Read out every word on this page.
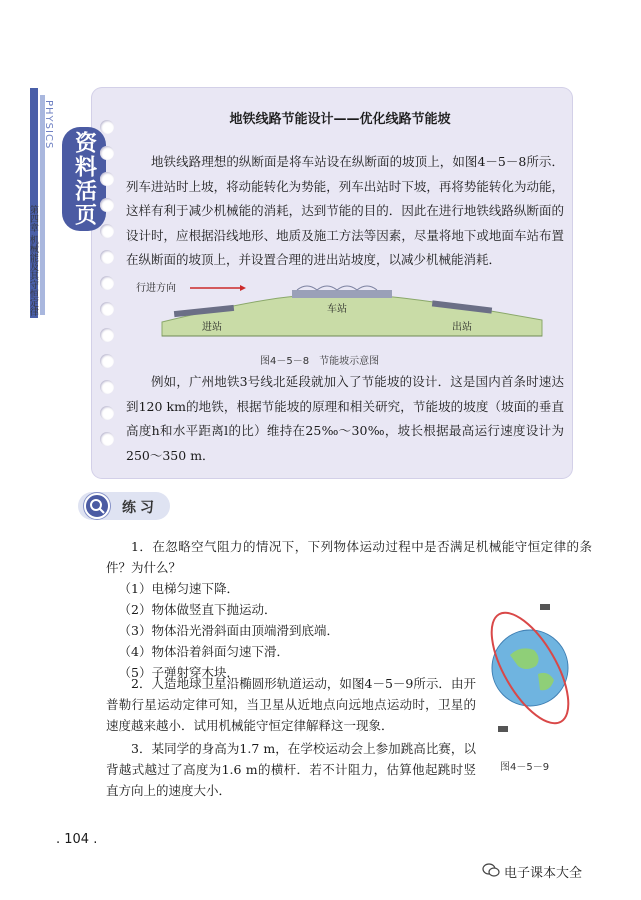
PHYSICS
第四章 机械能及其守恒定律
资料活页
地铁线路节能设计——优化线路节能坡

地铁线路理想的纵断面是将车站设在纵断面的坡顶上，如图4－5－8所示．列车进站时上坡，将动能转化为势能，列车出站时下坡，再将势能转化为动能，这样有利于减少机械能的消耗，达到节能的目的．因此在进行地铁线路纵断面的设计时，应根据沿线地形、地质及施工方法等因素，尽量将地下或地面车站布置在纵断面的坡顶上，并设置合理的进出站坡度，以减少机械能消耗．

行进方向
进站
车站
出站
图4－5－8　节能坡示意图

例如，广州地铁3号线北延段就加入了节能坡的设计．这是国内首条时速达到120 km的地铁，根据节能坡的原理和相关研究，节能坡的坡度（坡面的垂直高度h和水平距离l的比）维持在25‰～30‰，坡长根据最高运行速度设计为250～350 m．

练习

1．在忽略空气阻力的情况下，下列物体运动过程中是否满足机械能守恒定律的条件？为什么？

（1）电梯匀速下降．
（2）物体做竖直下抛运动．
（3）物体沿光滑斜面由顶端滑到底端．
（4）物体沿着斜面匀速下滑．
（5）子弹射穿木块．

2．人造地球卫星沿椭圆形轨道运动，如图4－5－9所示．由开普勒行星运动定律可知，当卫星从近地点向远地点运动时，卫星的速度越来越小．试用机械能守恒定律解释这一现象．

3．某同学的身高为1.7 m，在学校运动会上参加跳高比赛，以背越式越过了高度为1.6 m的横杆．若不计阻力，估算他起跳时竖直方向上的速度大小．

图4－5－9
. 104 .
电子课本大全
